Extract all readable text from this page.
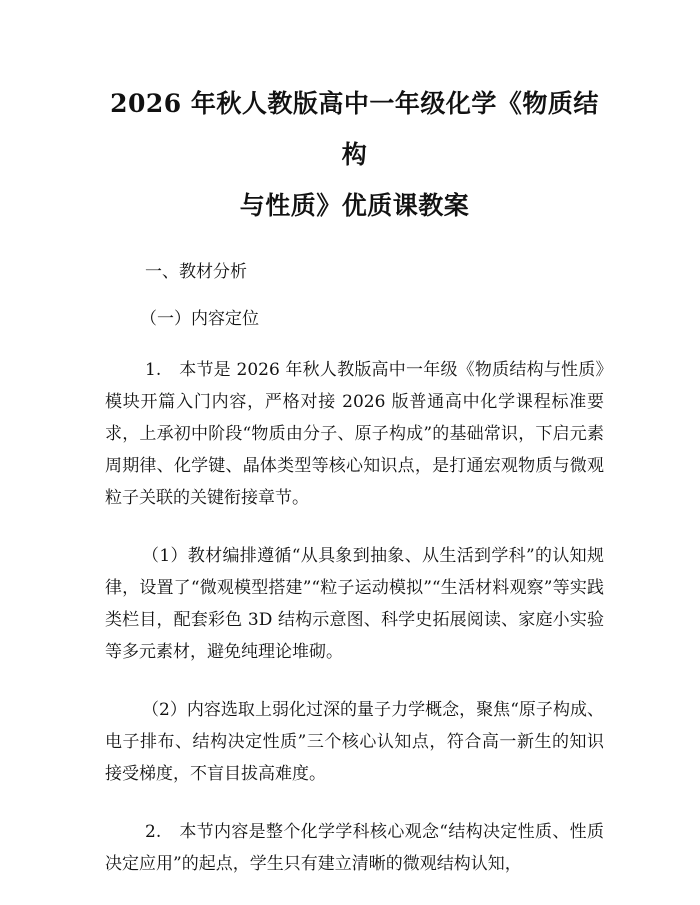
2026 年秋人教版高中一年级化学《物质结构
与性质》优质课教案

一、教材分析

（一）内容定位

1. 本节是 2026 年秋人教版高中一年级《物质结构与性质》模块开篇入门内容，严格对接 2026 版普通高中化学课程标准要求，上承初中阶段“物质由分子、原子构成”的基础常识，下启元素周期律、化学键、晶体类型等核心知识点，是打通宏观物质与微观粒子关联的关键衔接章节。

（1）教材编排遵循“从具象到抽象、从生活到学科”的认知规律，设置了“微观模型搭建”“粒子运动模拟”“生活材料观察”等实践类栏目，配套彩色 3D 结构示意图、科学史拓展阅读、家庭小实验等多元素材，避免纯理论堆砌。

（2）内容选取上弱化过深的量子力学概念，聚焦“原子构成、电子排布、结构决定性质”三个核心认知点，符合高一新生的知识接受梯度，不盲目拔高难度。

2. 本节内容是整个化学学科核心观念“结构决定性质、性质决定应用”的起点，学生只有建立清晰的微观结构认知，
